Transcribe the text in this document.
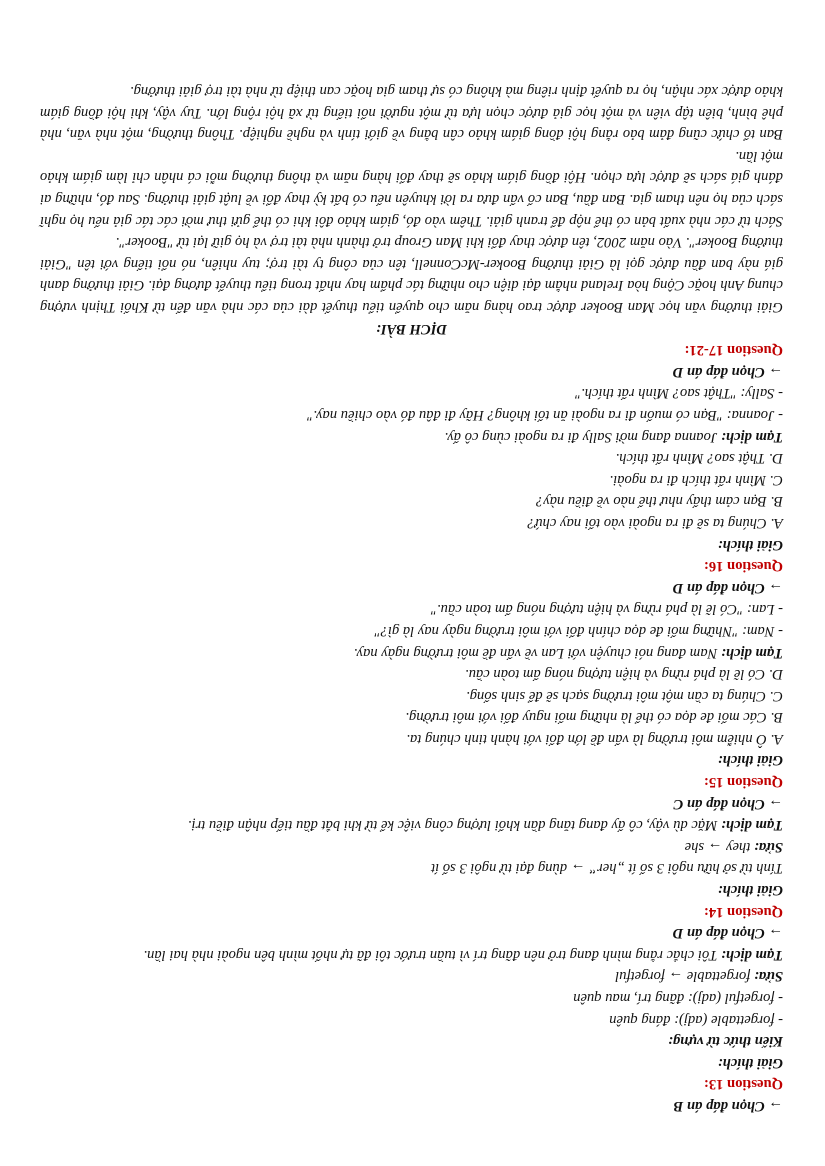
→ Chọn đáp án B
Question 13:
Giải thích:
Kiến thức từ vựng:
- forgettable (adj): đáng quên
- forgetful (adj): đãng trí, mau quên
Sửa: forgettable → forgetful
Tạm dịch: Tôi chắc rằng mình đang trở nên đãng trí vì tuần trước tôi đã tự nhốt mình bên ngoài nhà hai lần.
→ Chọn đáp án D
Question 14:
Giải thích:
Tính từ sở hữu ngôi 3 số ít „her‟ → dùng đại từ ngôi 3 số ít
Sửa: they → she
Tạm dịch: Mặc dù vậy, cô ấy đang tăng dần khối lượng công việc kể từ khi bắt đầu tiếp nhận điều trị.
→ Chọn đáp án C
Question 15:
Giải thích:
A. Ô nhiễm môi trường là vấn đề lớn đối với hành tinh chúng ta.
B. Các mối đe dọa có thể là những mối nguy đối với môi trường.
C. Chúng ta cần một môi trường sạch sẽ để sinh sống.
D. Có lẽ là phá rừng và hiện tượng nóng ấm toàn cầu.
Tạm dịch: Nam đang nói chuyện với Lan về vấn đề môi trường ngày nay.
- Nam: "Những mối đe dọa chính đối với môi trường ngày nay là gì?"
- Lan: "Có lẽ là phá rừng và hiện tượng nóng ấm toàn cầu."
→ Chọn đáp án D
Question 16:
Giải thích:
A. Chúng ta sẽ đi ra ngoài vào tối nay chứ?
B. Bạn cảm thấy như thế nào về điều này?
C. Mình rất thích đi ra ngoài.
D. Thật sao? Mình rất thích.
Tạm dịch: Joanna đang mời Sally đi ra ngoài cùng cô ấy.
- Joanna: "Bạn có muốn đi ra ngoài ăn tối không? Hãy đi đâu đó vào chiều nay."
- Sally: "Thật sao? Mình rất thích."
→ Chọn đáp án D
Question 17-21:
DỊCH BÀI:
Giải thưởng văn học Man Booker được trao hàng năm cho quyển tiểu thuyết dài của các nhà văn đến từ Khối Thịnh vượng chung Anh hoặc Cộng hòa Ireland nhằm đại diện cho những tác phẩm hay nhất trong tiểu thuyết đương đại. Giải thưởng danh giá này ban đầu được gọi là Giải thưởng Booker-McConnell, tên của công ty tài trợ; tuy nhiên, nó nổi tiếng với tên "Giải thưởng Booker". Vào năm 2002, tên được thay đổi khi Man Group trở thành nhà tài trợ và họ giữ lại từ "Booker".
Sách từ các nhà xuất bản có thể nộp để tranh giải. Thêm vào đó, giám khảo đôi khi có thể gửi thư mời các tác giả nếu họ nghĩ sách của họ nên tham gia. Ban đầu, Ban cố vấn đưa ra lời khuyên nếu có bất kỳ thay đổi về luật giải thưởng. Sau đó, những ai đánh giá sách sẽ được lựa chọn. Hội đồng giám khảo sẽ thay đổi hàng năm và thông thường mỗi cá nhân chỉ làm giám khảo một lần.
Ban tổ chức cũng đảm bảo rằng hội đồng giám khảo cân bằng về giới tính và nghề nghiệp. Thông thường, một nhà văn, nhà phê bình, biên tập viên và một học giả được chọn lựa từ một người nổi tiếng từ xã hội rộng lớn. Tuy vậy, khi hội đồng giám khảo được xác nhận, họ ra quyết định riêng mà không có sự tham gia hoặc can thiệp từ nhà tài trợ giải thưởng.
